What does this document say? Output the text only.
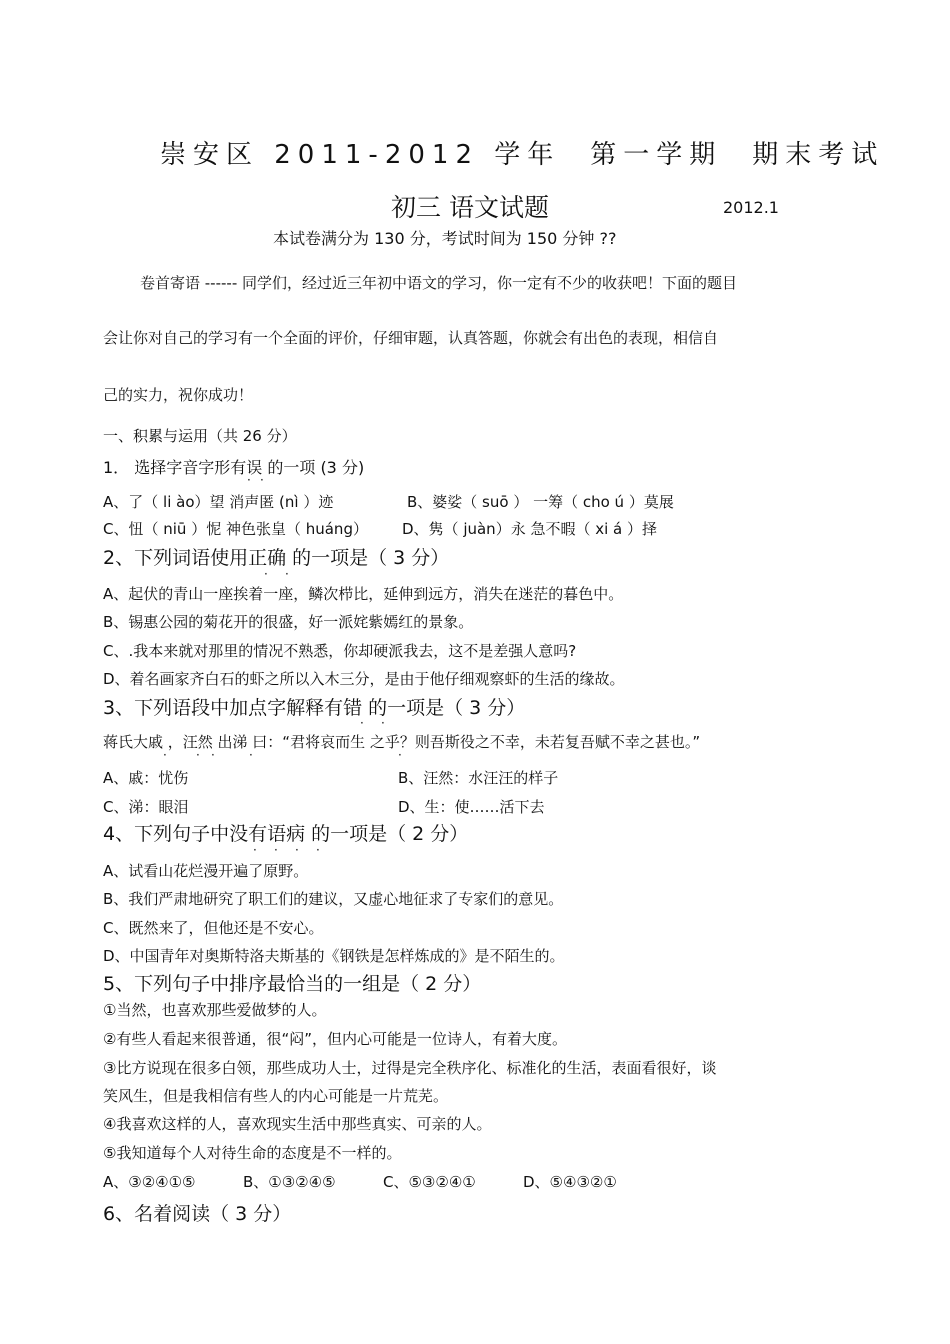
崇安区 2011-2012 学年 第一学期 期末考试
初三 语文试题	2012.1
本试卷满分为 130 分，考试时间为 150 分钟 ??
卷首寄语 ------ 同学们，经过近三年初中语文的学习，你一定有不少的收获吧！下面的题目
会让你对自己的学习有一个全面的评价，仔细审题，认真答题，你就会有出色的表现，相信自
己的实力，祝你成功！
一、积累与运用（共 26 分）
1． 选择字音字形有误 的一项 (3 分)
· ·
A、了（ li ào）望 消声匿 (nì ）迹	B、婆娑（ suō ） 一筹（ cho ú ）莫展
C、忸（ niū ）怩 神色张皇（ huáng） D、隽（ juàn）永 急不暇（ xi á ）择
2、下列词语使用正确 的一项是（ 3 分）
· ·
A、起伏的青山一座挨着一座，鳞次栉比，延伸到远方，消失在迷茫的暮色中。
B、锡惠公园的菊花开的很盛，好一派姹紫嫣红的景象。
C、.我本来就对那里的情况不熟悉，你却硬派我去，这不是差强人意吗?
D、着名画家齐白石的虾之所以入木三分，是由于他仔细观察虾的生活的缘故。
3、下列语段中加点字解释有错 的一项是（ 3 分）
· ·
蒋氏大戚 ，汪然 出涕 曰：“君将哀而生 之乎？则吾斯役之不幸，未若复吾赋不幸之甚也。”
· · ·	·	·
A、戚：忧伤	B、汪然：水汪汪的样子
C、涕：眼泪	D、生：使……活下去
4、下列句子中没有语病 的一项是（ 2 分）
· · · ·
A、试看山花烂漫开遍了原野。
B、我们严肃地研究了职工们的建议，又虚心地征求了专家们的意见。
C、既然来了，但他还是不安心。
D、中国青年对奥斯特洛夫斯基的《钢铁是怎样炼成的》是不陌生的。
5、下列句子中排序最恰当的一组是（ 2 分）
①当然，也喜欢那些爱做梦的人。
②有些人看起来很普通，很“闷”，但内心可能是一位诗人，有着大度。
③比方说现在很多白领，那些成功人士，过得是完全秩序化、标准化的生活，表面看很好，谈
笑风生，但是我相信有些人的内心可能是一片荒芜。
④我喜欢这样的人，喜欢现实生活中那些真实、可亲的人。
⑤我知道每个人对待生命的态度是不一样的。
A、③②④①⑤	B、①③②④⑤	C、⑤③②④①	D、⑤④③②①
6、名着阅读（ 3 分）
